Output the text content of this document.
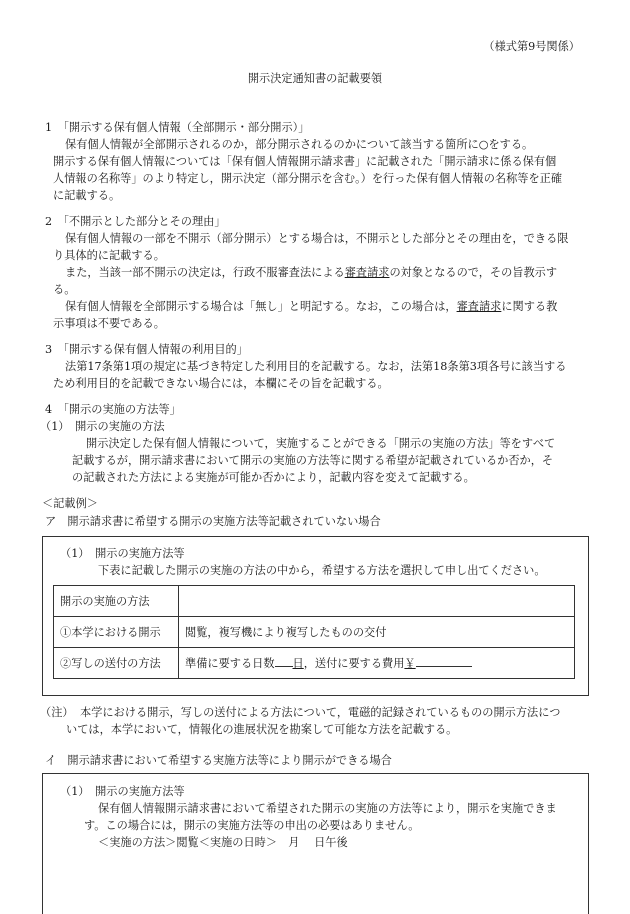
（様式第9号関係）
開示決定通知書の記載要領
1　「開示する保有個人情報（全部開示・部分開示）」
保有個人情報が全部開示されるのか，部分開示されるのかについて該当する箇所に○をする。
開示する保有個人情報については「保有個人情報開示請求書」に記載された「開示請求に係る保有個
人情報の名称等」のより特定し，開示決定（部分開示を含む。）を行った保有個人情報の名称等を正確
に記載する。
2　「不開示とした部分とその理由」
保有個人情報の一部を不開示（部分開示）とする場合は，不開示とした部分とその理由を，できる限
り具体的に記載する。
また，当該一部不開示の決定は，行政不服審査法による審査請求の対象となるので，その旨教示す
る。
保有個人情報を全部開示する場合は「無し」と明記する。なお，この場合は，審査請求に関する教
示事項は不要である。
3　「開示する保有個人情報の利用目的」
法第17条第1項の規定に基づき特定した利用目的を記載する。なお，法第18条第3項各号に該当する
ため利用目的を記載できない場合には，本欄にその旨を記載する。
4　「開示の実施の方法等」
（1）　開示の実施の方法
開示決定した保有個人情報について，実施することができる「開示の実施の方法」等をすべて
記載するが，開示請求書において開示の実施の方法等に関する希望が記載されているか否か，そ
の記載された方法による実施が可能か否かにより，記載内容を変えて記載する。
＜記載例＞
ア　開示請求書に希望する開示の実施方法等記載されていない場合
（1）　開示の実施方法等
下表に記載した開示の実施の方法の中から，希望する方法を選択して申し出てください。
開示の実施の方法	
①本学における開示	閲覧，複写機により複写したものの交付
②写しの送付の方法	準備に要する日数 日，送付に要する費用￥
（注） 本学における開示，写しの送付による方法について，電磁的記録されているものの開示方法につ
いては，本学において，情報化の進展状況を勘案して可能な方法を記載する。
イ　開示請求書において希望する実施方法等により開示ができる場合
（1）　開示の実施方法等
保有個人情報開示請求書において希望された開示の実施の方法等により，開示を実施できま
す。この場合には，開示の実施方法等の申出の必要はありません。
＜実施の方法＞閲覧＜実施の日時＞　月　 日午後
